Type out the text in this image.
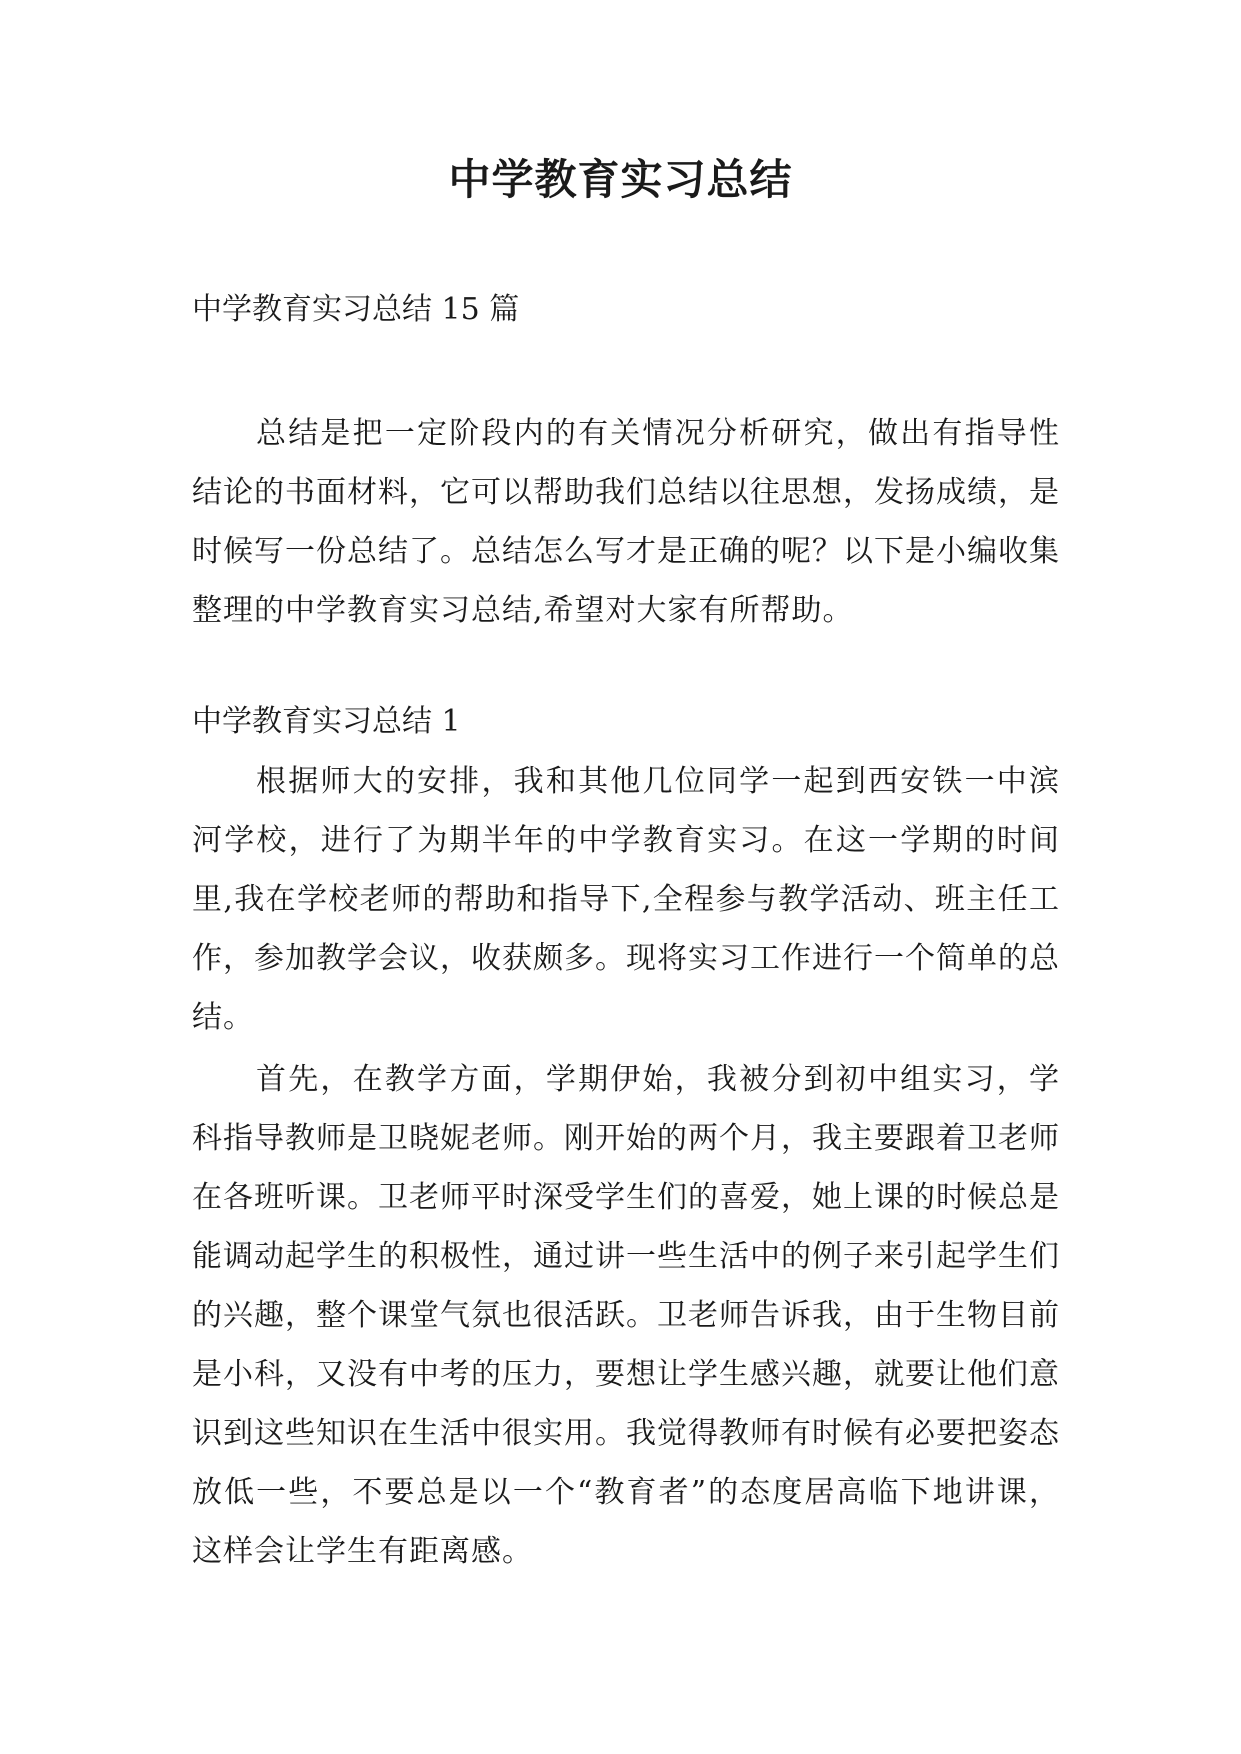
中学教育实习总结

中学教育实习总结 15 篇

总结是把一定阶段内的有关情况分析研究，做出有指导性结论的书面材料，它可以帮助我们总结以往思想，发扬成绩，是时候写一份总结了。总结怎么写才是正确的呢？以下是小编收集整理的中学教育实习总结,希望对大家有所帮助。

中学教育实习总结 1

根据师大的安排，我和其他几位同学一起到西安铁一中滨河学校，进行了为期半年的中学教育实习。在这一学期的时间里,我在学校老师的帮助和指导下,全程参与教学活动、班主任工作，参加教学会议，收获颇多。现将实习工作进行一个简单的总结。

首先，在教学方面，学期伊始，我被分到初中组实习，学科指导教师是卫晓妮老师。刚开始的两个月，我主要跟着卫老师在各班听课。卫老师平时深受学生们的喜爱，她上课的时候总是能调动起学生的积极性，通过讲一些生活中的例子来引起学生们的兴趣，整个课堂气氛也很活跃。卫老师告诉我，由于生物目前是小科，又没有中考的压力，要想让学生感兴趣，就要让他们意识到这些知识在生活中很实用。我觉得教师有时候有必要把姿态放低一些，不要总是以一个“教育者”的态度居高临下地讲课，这样会让学生有距离感。
